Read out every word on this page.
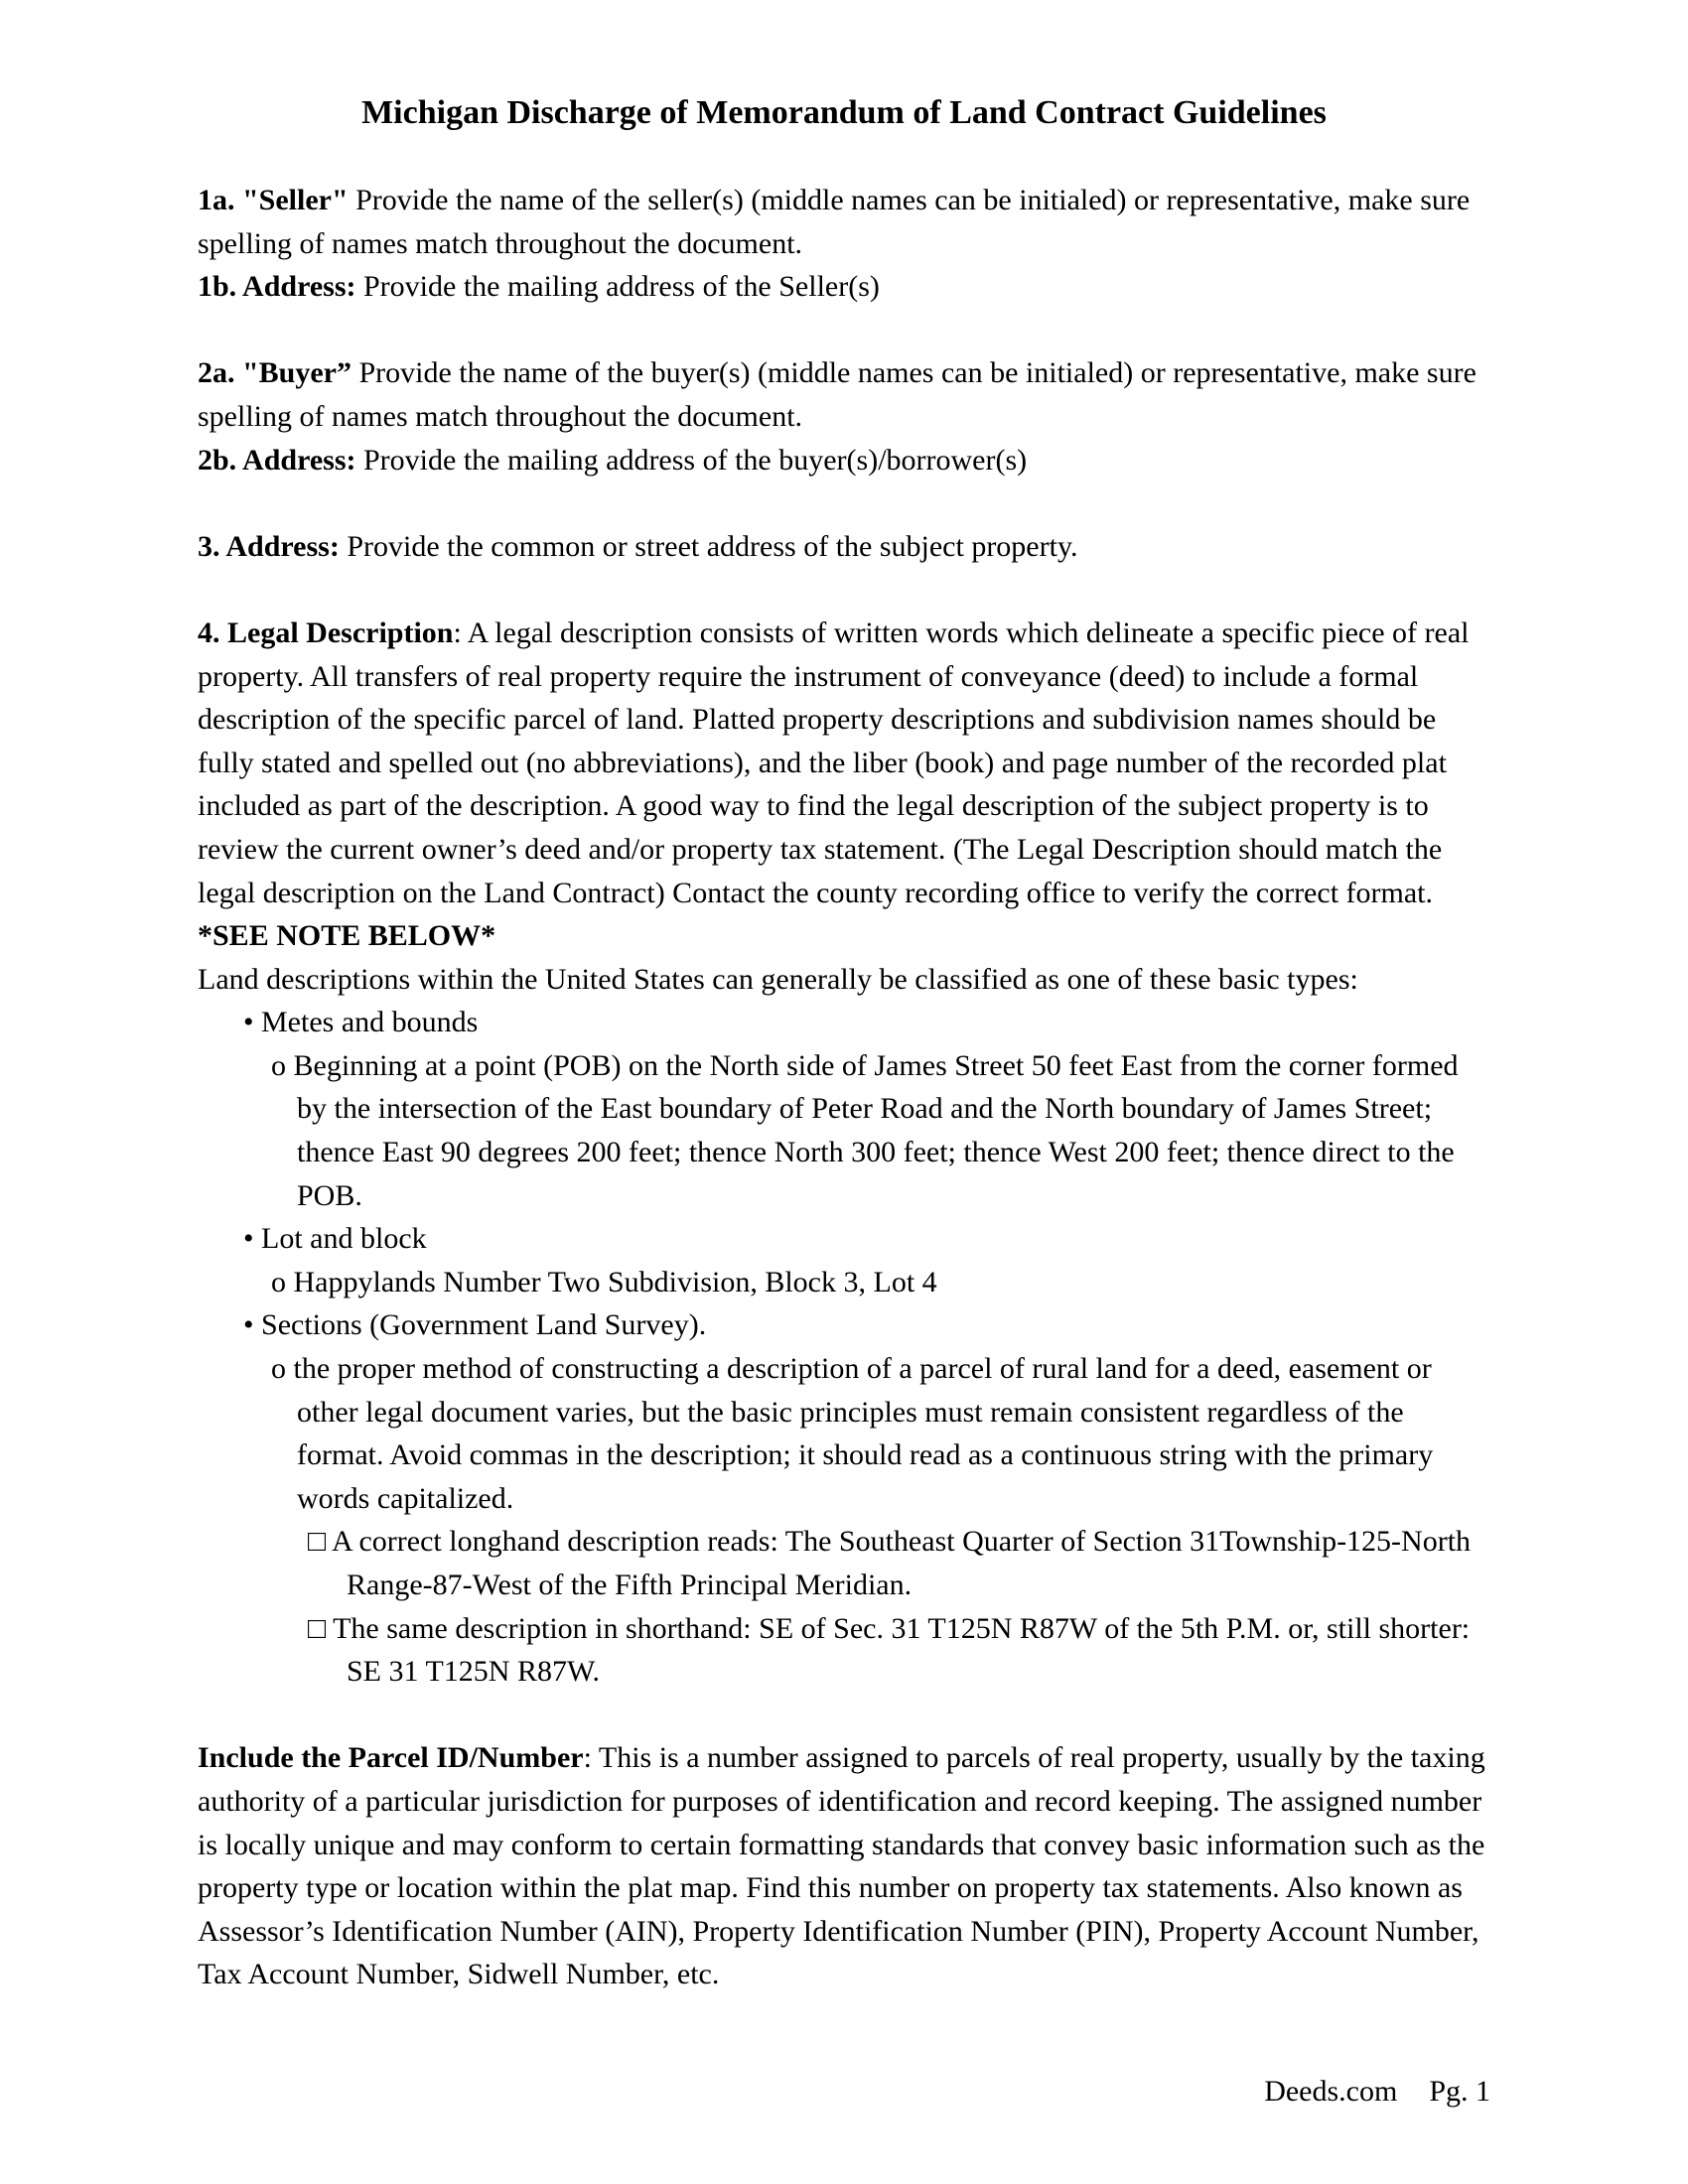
Michigan Discharge of Memorandum of Land Contract Guidelines

1a. "Seller" Provide the name of the seller(s) (middle names can be initialed) or representative, make sure spelling of names match throughout the document.

1b. Address: Provide the mailing address of the Seller(s)

2a. "Buyer” Provide the name of the buyer(s) (middle names can be initialed) or representative, make sure spelling of names match throughout the document.

2b. Address: Provide the mailing address of the buyer(s)/borrower(s)

3. Address: Provide the common or street address of the subject property.

4. Legal Description: A legal description consists of written words which delineate a specific piece of real property. All transfers of real property require the instrument of conveyance (deed) to include a formal description of the specific parcel of land. Platted property descriptions and subdivision names should be fully stated and spelled out (no abbreviations), and the liber (book) and page number of the recorded plat included as part of the description. A good way to find the legal description of the subject property is to review the current owner’s deed and/or property tax statement. (The Legal Description should match the legal description on the Land Contract) Contact the county recording office to verify the correct format. *SEE NOTE BELOW*

Land descriptions within the United States can generally be classified as one of these basic types:

• Metes and bounds

o Beginning at a point (POB) on the North side of James Street 50 feet East from the corner formed by the intersection of the East boundary of Peter Road and the North boundary of James Street; thence East 90 degrees 200 feet; thence North 300 feet; thence West 200 feet; thence direct to the POB.

• Lot and block

o Happylands Number Two Subdivision, Block 3, Lot 4

• Sections (Government Land Survey).

o the proper method of constructing a description of a parcel of rural land for a deed, easement or other legal document varies, but the basic principles must remain consistent regardless of the format. Avoid commas in the description; it should read as a continuous string with the primary words capitalized.

□ A correct longhand description reads: The Southeast Quarter of Section 31Township-125-North Range-87-West of the Fifth Principal Meridian.

□ The same description in shorthand: SE of Sec. 31 T125N R87W of the 5th P.M. or, still shorter: SE 31 T125N R87W.

Include the Parcel ID/Number: This is a number assigned to parcels of real property, usually by the taxing authority of a particular jurisdiction for purposes of identification and record keeping. The assigned number is locally unique and may conform to certain formatting standards that convey basic information such as the property type or location within the plat map. Find this number on property tax statements. Also known as Assessor’s Identification Number (AIN), Property Identification Number (PIN), Property Account Number, Tax Account Number, Sidwell Number, etc.

Deeds.com Pg. 1
